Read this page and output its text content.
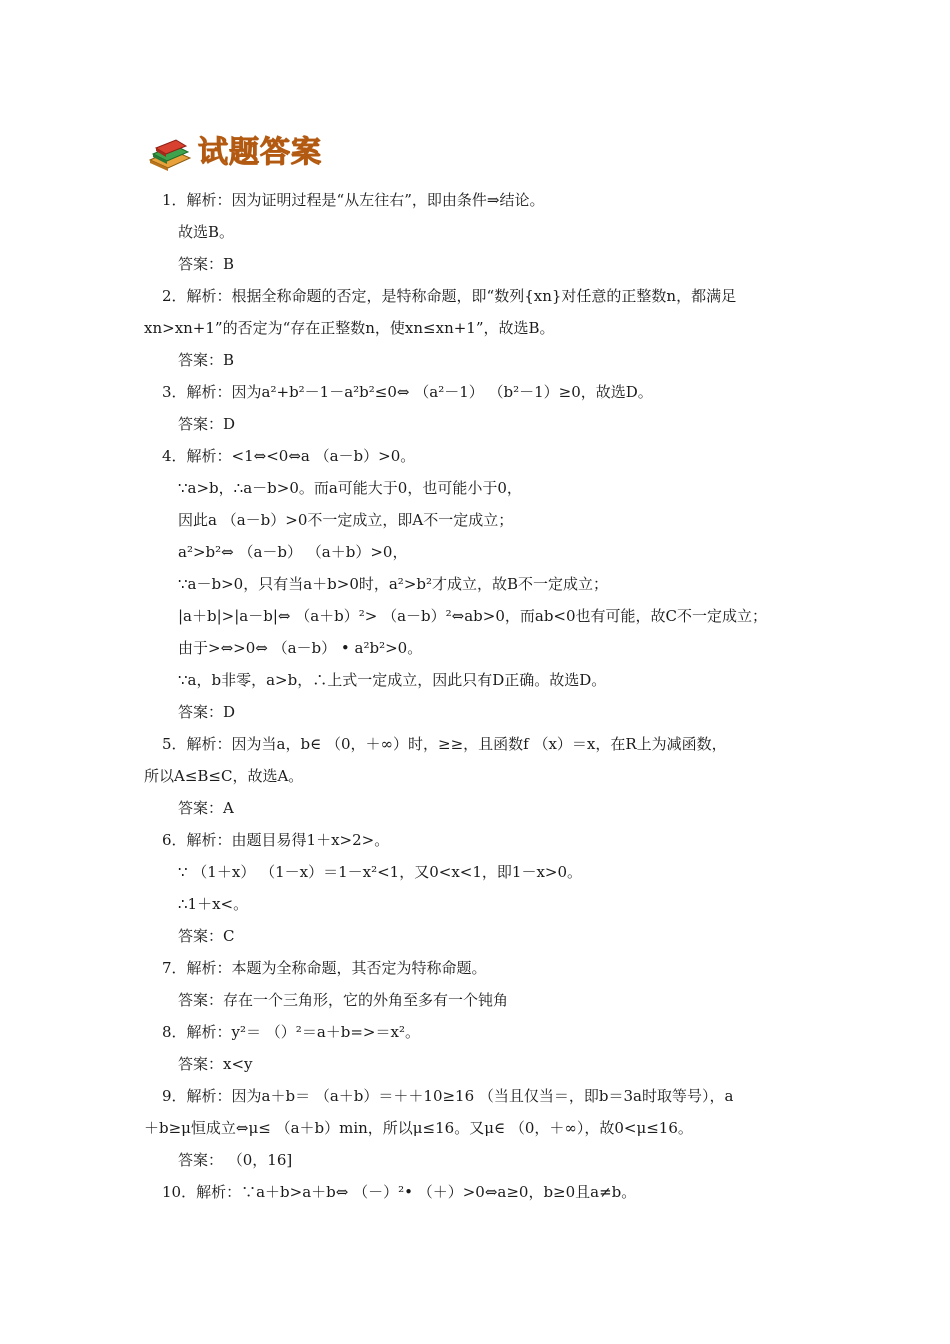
试题答案
1．解析：因为证明过程是“从左往右”，即由条件⇒结论。
故选B。
答案：B
2．解析：根据全称命题的否定，是特称命题，即“数列{xn}对任意的正整数n，都满足
xn>xn+1”的否定为“存在正整数n，使xn≤xn+1”，故选B。
答案：B
3．解析：因为a²+b²－1－a²b²≤0⇔ （a²－1） （b²－1）≥0，故选D。
答案：D
4．解析：<1⇔<0⇔a （a－b）>0。
∵a>b，∴a－b>0。而a可能大于0，也可能小于0，
因此a （a－b）>0不一定成立，即A不一定成立；
a²>b²⇔ （a－b） （a＋b）>0，
∵a－b>0，只有当a＋b>0时，a²>b²才成立，故B不一定成立；
|a＋b|>|a－b|⇔ （a＋b）²> （a－b）²⇔ab>0，而ab<0也有可能，故C不一定成立；
由于>⇔>0⇔ （a－b） • a²b²>0。
∵a，b非零，a>b，∴上式一定成立，因此只有D正确。故选D。
答案：D
5．解析：因为当a，b∈ （0，＋∞）时，≥≥，且函数f （x）＝x，在R上为减函数，
所以A≤B≤C，故选A。
答案：A
6．解析：由题目易得1＋x>2>。
∵ （1＋x） （1－x）＝1－x²<1，又0<x<1，即1－x>0。
∴1＋x<。
答案：C
7．解析：本题为全称命题，其否定为特称命题。
答案：存在一个三角形，它的外角至多有一个钝角
8．解析：y²＝ （）²＝a＋b=>＝x²。
答案：x<y
9．解析：因为a＋b＝ （a＋b）＝＋＋10≥16 （当且仅当＝，即b＝3a时取等号），a
＋b≥μ恒成立⇔μ≤ （a＋b）min，所以μ≤16。又μ∈ （0，＋∞），故0<μ≤16。
答案： （0，16]
10．解析：∵a＋b>a＋b⇔ （－）²• （＋）>0⇔a≥0，b≥0且a≠b。
